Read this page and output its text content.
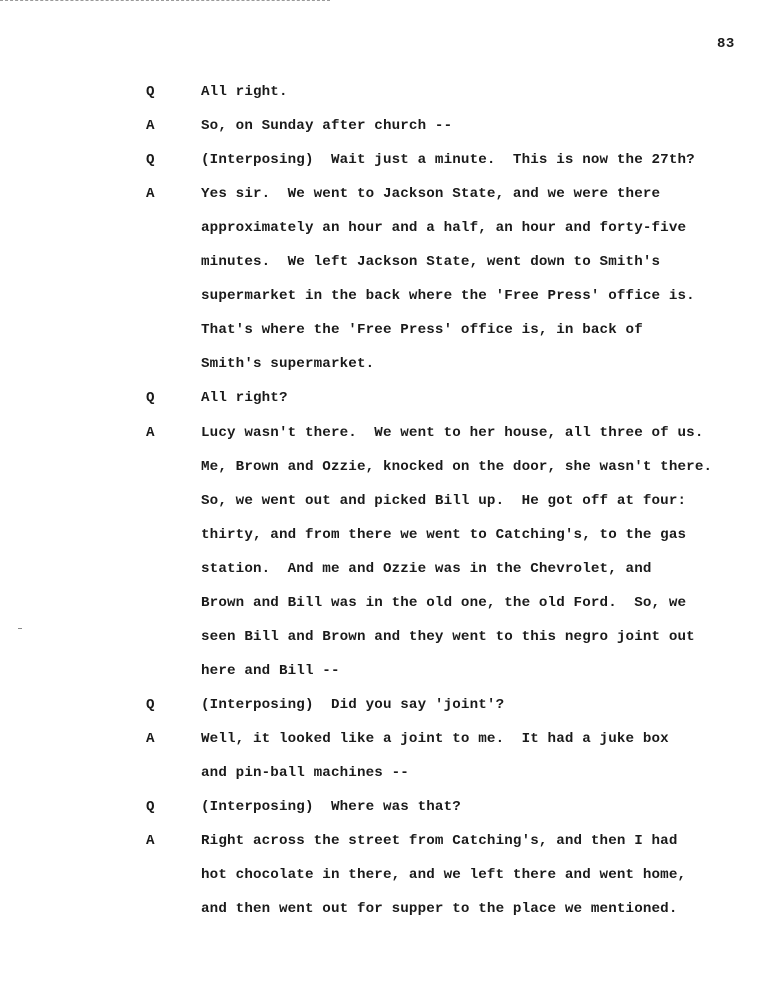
83
Q	All right.
A	So, on Sunday after church --
Q	(Interposing)  Wait just a minute.  This is now the 27th?
A	Yes sir.  We went to Jackson State, and we were there
approximately an hour and a half, an hour and forty-five
minutes.  We left Jackson State, went down to Smith's
supermarket in the back where the 'Free Press' office is.
That's where the 'Free Press' office is, in back of
Smith's supermarket.
Q	All right?
A	Lucy wasn't there.  We went to her house, all three of us.
Me, Brown and Ozzie, knocked on the door, she wasn't there.
So, we went out and picked Bill up.  He got off at four:
thirty, and from there we went to Catching's, to the gas
station.  And me and Ozzie was in the Chevrolet, and
Brown and Bill was in the old one, the old Ford.  So, we
seen Bill and Brown and they went to this negro joint out
here and Bill --
Q	(Interposing)  Did you say 'joint'?
A	Well, it looked like a joint to me.  It had a juke box
and pin-ball machines --
Q	(Interposing)  Where was that?
A	Right across the street from Catching's, and then I had
hot chocolate in there, and we left there and went home,
and then went out for supper to the place we mentioned.
